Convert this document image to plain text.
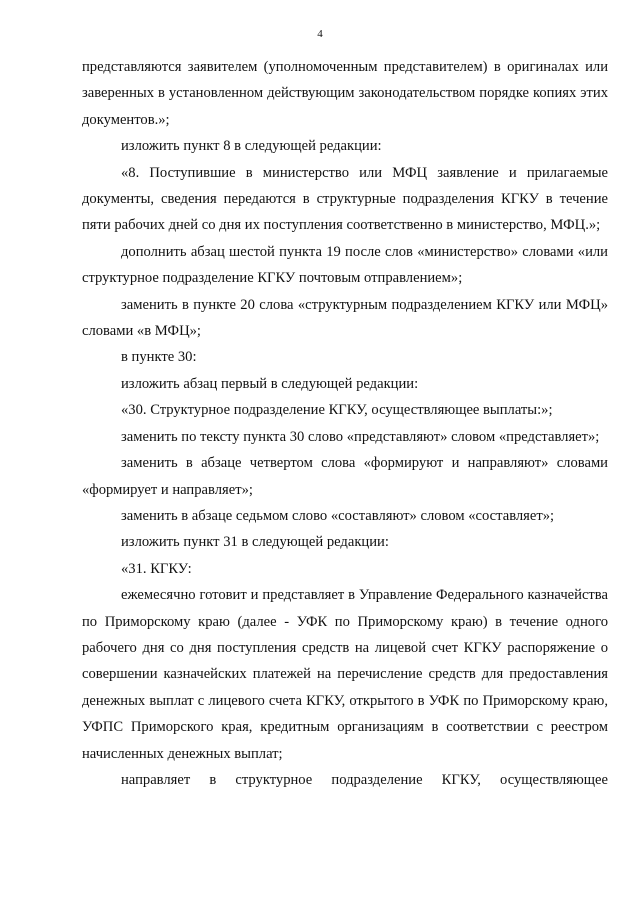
4

представляются заявителем (уполномоченным представителем) в оригиналах или заверенных в установленном действующим законодательством порядке копиях этих документов.»;

изложить пункт 8 в следующей редакции:

«8. Поступившие в министерство или МФЦ заявление и прилагаемые документы, сведения передаются в структурные подразделения КГКУ в течение пяти рабочих дней со дня их поступления соответственно в министерство, МФЦ.»;

дополнить абзац шестой пункта 19 после слов «министерство» словами «или структурное подразделение КГКУ почтовым отправлением»;

заменить в пункте 20 слова «структурным подразделением КГКУ или МФЦ» словами «в МФЦ»;

в пункте 30:

изложить абзац первый в следующей редакции:

«30. Структурное подразделение КГКУ, осуществляющее выплаты:»;

заменить по тексту пункта 30 слово «представляют» словом «представляет»;

заменить в абзаце четвертом слова «формируют и направляют» словами «формирует и направляет»;

заменить в абзаце седьмом слово «составляют» словом «составляет»;

изложить пункт 31 в следующей редакции:

«31. КГКУ:

ежемесячно готовит и представляет в Управление Федерального казначейства по Приморскому краю (далее - УФК по Приморскому краю) в течение одного рабочего дня со дня поступления средств на лицевой счет КГКУ распоряжение о совершении казначейских платежей на перечисление средств для предоставления денежных выплат с лицевого счета КГКУ, открытого в УФК по Приморскому краю, УФПС Приморского края, кредитным организациям в соответствии с реестром начисленных денежных выплат;

направляет в структурное подразделение КГКУ, осуществляющее
